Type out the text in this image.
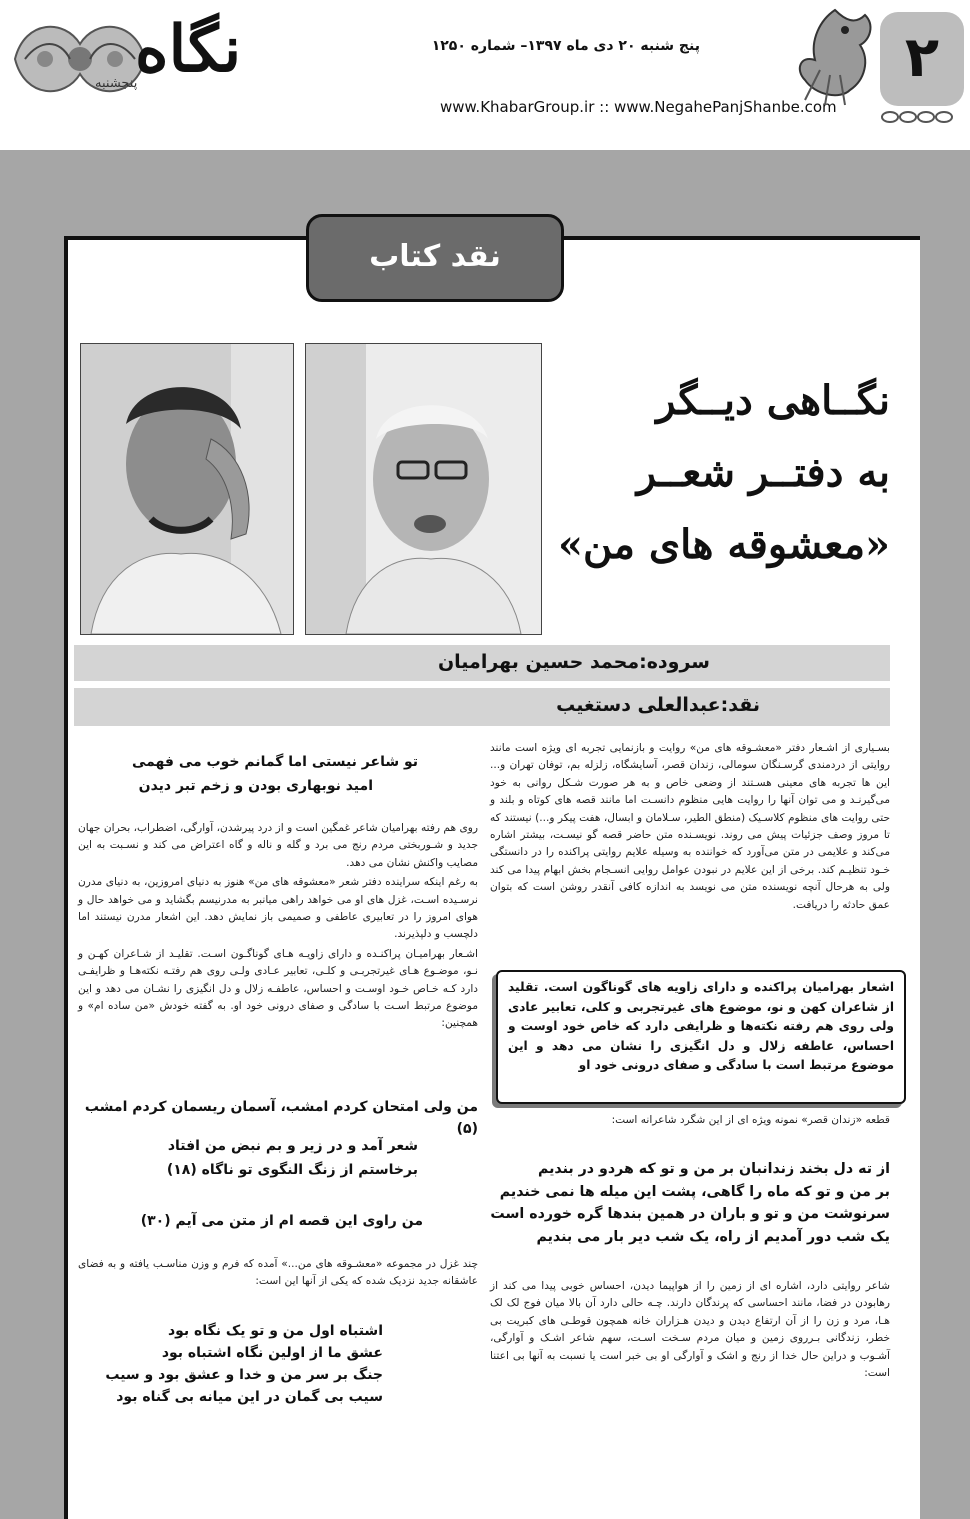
نگاه
پنجشنبه
پنج شنبه ۲۰ دی ماه ۱۳۹۷– شماره ۱۲۵۰
www.KhabarGroup.ir :: www.NegahePanjShanbe.com
۲
نقد کتاب
نگــاهی دیــگر
به دفتــر شعــر
«معشوقه های من»
سروده:محمد حسین بهرامیان
نقد:عبدالعلی دستغیب

بسـیاری از اشـعار دفتر «معشـوقه های من» روایت و بازنمایی تجربه ای ویژه است مانند روایتی از دردمندی گرسـنگان سومالی، زندان قصر، آسایشگاه، زلزله بم، توفان تهران و... این ها تجربه های معینی هسـتند از وضعی خاص و به هر صورت شـکل روانی به خود می‌گیرنـد و می توان آنها را روایت هایی منظوم دانسـت اما مانند قصه های کوتاه و بلند و حتی روایت های منظوم کلاسـیک (منطق الطیر، سـلامان و ابسال، هفت پیکر و...) نیستند که تا مروز وصف جزئیات پیش می روند. نویسـنده متن حاضر قصه گو نیسـت، بیشتر اشاره می‌کند و علایمی در متن می‌آورد که خواننده به وسیله علایم روایتی پراکنده را در دانستگی خـود تنظیـم کند. برخی از این علایم در نبودن عوامل روایی انسـجام بخش ابهام پیدا می کند ولی به هرحال آنچه نویسنده متن می نویسد به اندازه کافی آنقدر روشن است که بتوان عمق حادثه را دریافت.

اشعار بهرامیان پراکنده و دارای زاویه های گوناگون است. تقلید از شاعران کهن و نو، موضوع های غیرتجربی و کلی، تعابیر عادی ولی روی هم رفته نکته‌ها و ظرایفی دارد که خاص خود اوست و احساس، عاطفه زلال و دل انگیزی را نشان می دهد و این موضوع مرتبط است با سادگی و صفای درونی خود او

قطعه «زندان قصر» نمونه ویژه ای از این شگرد شاعرانه است:

از ته دل بخند زندانبان بر من و تو که هردو در بندیم
بر من و تو که ماه را گاهی، پشت این میله ها نمی خندیم
سرنوشت من و تو و باران در همین بندها گره خورده است
یک شب دور آمدیم از راه، یک شب دیر بار می بندیم

شاعر روایتی دارد، اشاره ای از زمین را از هواپیما دیدن، احساس خوبی پیدا می کند از رهابودن در فضا، مانند احساسی که پرندگان دارند. چـه حالی دارد آن بالا میان فوج لک لک هـا، مرد و زن را از آن ارتفاع دیدن و دیدن هـزاران خانه همچون قوطـی های کبریت بی خطر، زندگانی بـرروی زمین و میان مردم سـخت اسـت، سهم شاعر اشـک و آوارگی، آشـوب و دراین حال خدا از رنج و اشک و آوارگی او بی خبر است یا نسبت به آنها بی اعتنا است:

تو شاعر نیستی اما گمانم خوب می فهمی
امید نوبهاری بودن و زخم تبر دیدن

روی هم رفته بهرامیان شاعر غمگین است و از درد پیرشدن، آوارگی، اضطراب، بحران جهان جدید و شـوربختی مردم رنج می برد و گله و ناله و گاه اعتراض می کند و نسـبت به این مصایب واکنش نشان می دهد.

به رغم اینکه سراینده دفتر شعر «معشوقه های من» هنوز به دنیای امروزین، به دنیای مدرن نرسـیده اسـت، غزل های او می خواهد راهی میانبر به مدرنیسم بگشاید و می خواهد حال و هوای امروز را در تعابیری عاطفی و صمیمی باز نمایش دهد. این اشعار مدرن نیستند اما دلچسب و دلپذیرند.

اشـعار بهرامیـان پراکنـده و دارای زاویـه هـای گوناگـون اسـت. تقلیـد از شـاعران کهـن و نـو، موضـوع هـای غیرتجربـی و کلـی، تعابیر عـادی ولـی روی هم رفتـه نکته‌هـا و ظرایفـی دارد کـه خـاص خـود اوسـت و احساس، عاطفـه زلال و دل انگیزی را نشـان می دهد و این موضوع مرتبط اسـت با سادگی و صفای درونی خود او. به گفته خودش «من ساده ام» و همچنین:

من ولی امتحان کردم امشب، آسمان ریسمان کردم امشب (۵)
شعر آمد و در زیر و بم نبض من افتاد
برخاستم از زنگ النگوی تو ناگاه (۱۸)
من راوی این قصه ام از متن می آیم (۳۰)

چند غزل در مجموعه «معشـوقه های من...» آمده که فرم و وزن مناسـب یافته و به فضای عاشقانه جدید نزدیک شده که یکی از آنها این است:

اشتباه اول من و تو یک نگاه بود
عشق ما از اولین نگاه اشتباه بود
جنگ بر سر من و خدا و عشق بود و سیب
سیب بی گمان در این میانه بی گناه بود
